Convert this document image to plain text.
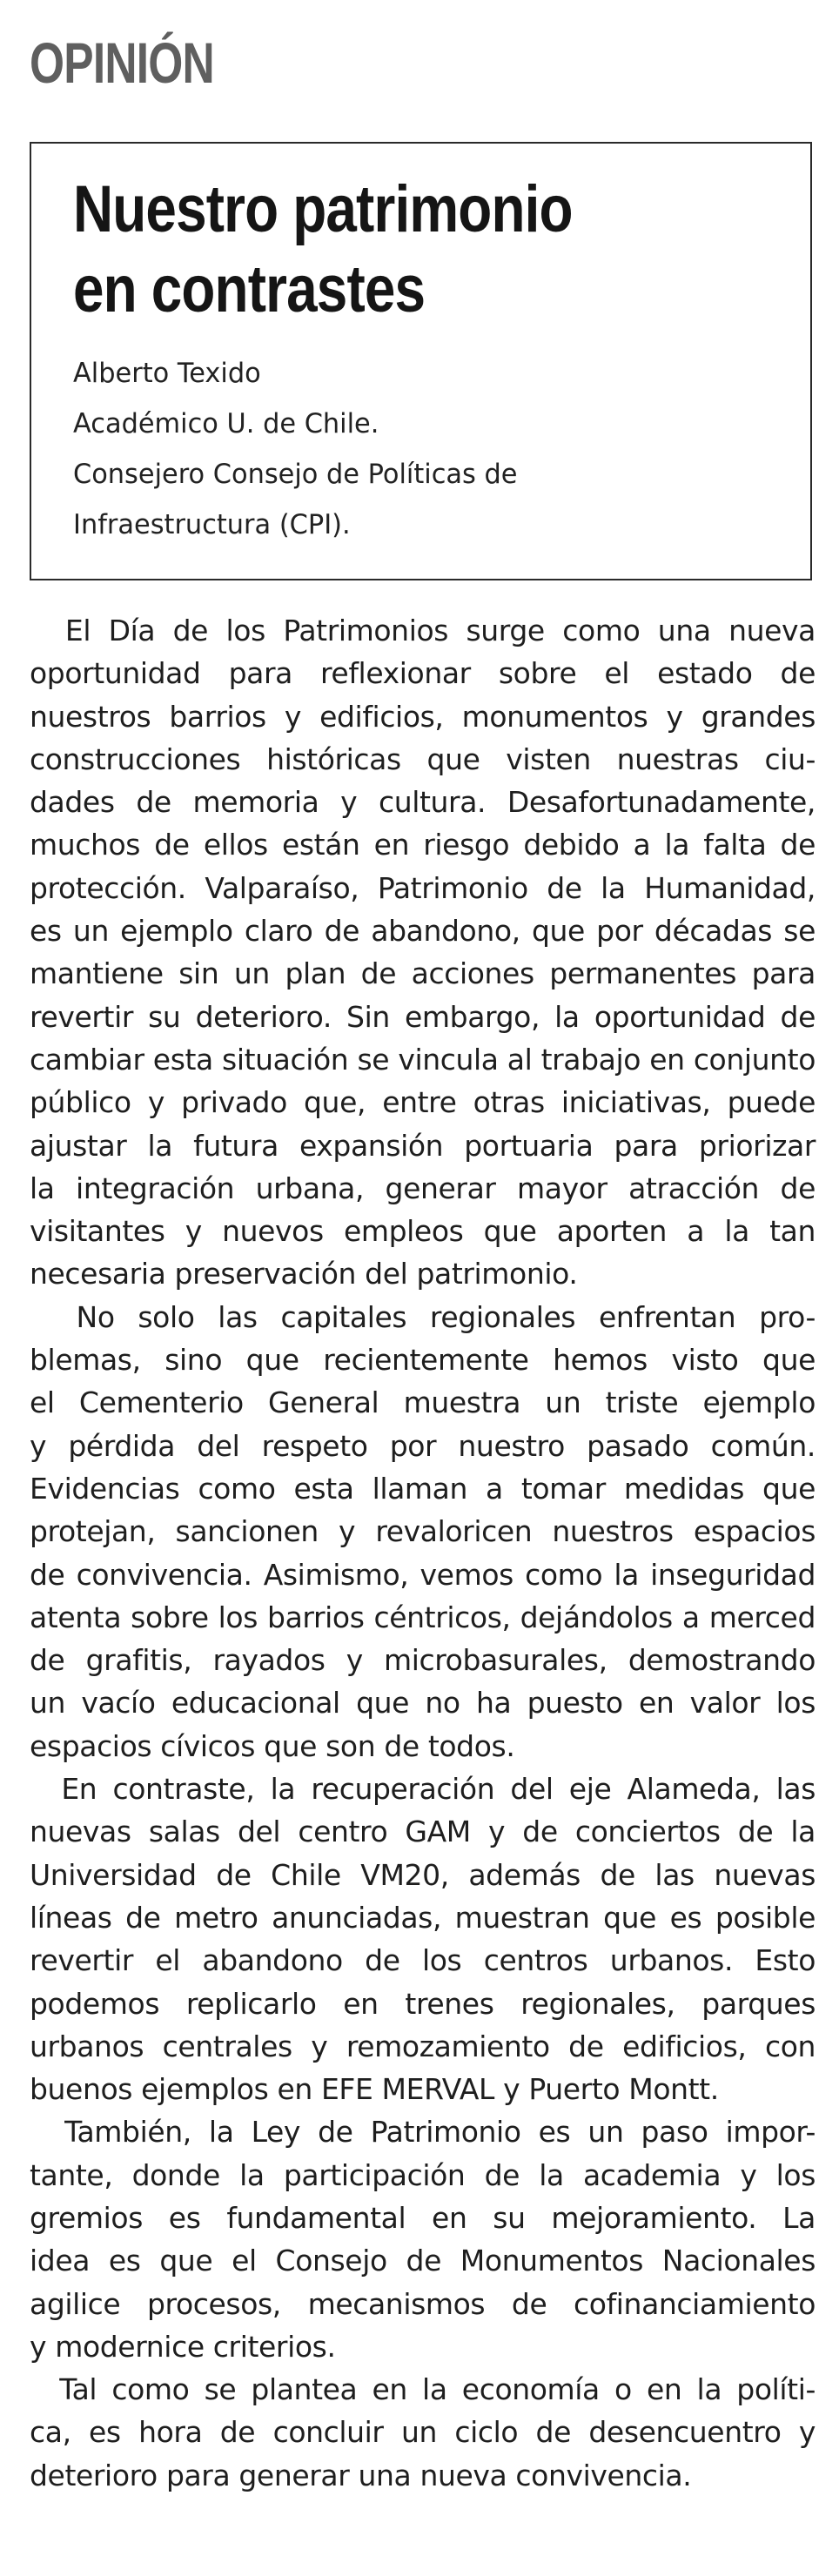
OPINIÓN
Nuestro patrimonio
en contrastes
Alberto Texido
Académico U. de Chile.
Consejero Consejo de Políticas de
Infraestructura (CPI).

El Día de los Patrimonios surge como una nueva
oportunidad para reflexionar sobre el estado de
nuestros barrios y edificios, monumentos y grandes
construcciones históricas que visten nuestras ciu-
dades de memoria y cultura. Desafortunadamente,
muchos de ellos están en riesgo debido a la falta de
protección. Valparaíso, Patrimonio de la Humanidad,
es un ejemplo claro de abandono, que por décadas se
mantiene sin un plan de acciones permanentes para
revertir su deterioro. Sin embargo, la oportunidad de
cambiar esta situación se vincula al trabajo en conjunto
público y privado que, entre otras iniciativas, puede
ajustar la futura expansión portuaria para priorizar
la integración urbana, generar mayor atracción de
visitantes y nuevos empleos que aporten a la tan
necesaria preservación del patrimonio.

No solo las capitales regionales enfrentan pro-
blemas, sino que recientemente hemos visto que
el Cementerio General muestra un triste ejemplo
y pérdida del respeto por nuestro pasado común.
Evidencias como esta llaman a tomar medidas que
protejan, sancionen y revaloricen nuestros espacios
de convivencia. Asimismo, vemos como la inseguridad
atenta sobre los barrios céntricos, dejándolos a merced
de grafitis, rayados y microbasurales, demostrando
un vacío educacional que no ha puesto en valor los
espacios cívicos que son de todos.

En contraste, la recuperación del eje Alameda, las
nuevas salas del centro GAM y de conciertos de la
Universidad de Chile VM20, además de las nuevas
líneas de metro anunciadas, muestran que es posible
revertir el abandono de los centros urbanos. Esto
podemos replicarlo en trenes regionales, parques
urbanos centrales y remozamiento de edificios, con
buenos ejemplos en EFE MERVAL y Puerto Montt.

También, la Ley de Patrimonio es un paso impor-
tante, donde la participación de la academia y los
gremios es fundamental en su mejoramiento. La
idea es que el Consejo de Monumentos Nacionales
agilice procesos, mecanismos de cofinanciamiento
y modernice criterios.

Tal como se plantea en la economía o en la políti-
ca, es hora de concluir un ciclo de desencuentro y
deterioro para generar una nueva convivencia.
